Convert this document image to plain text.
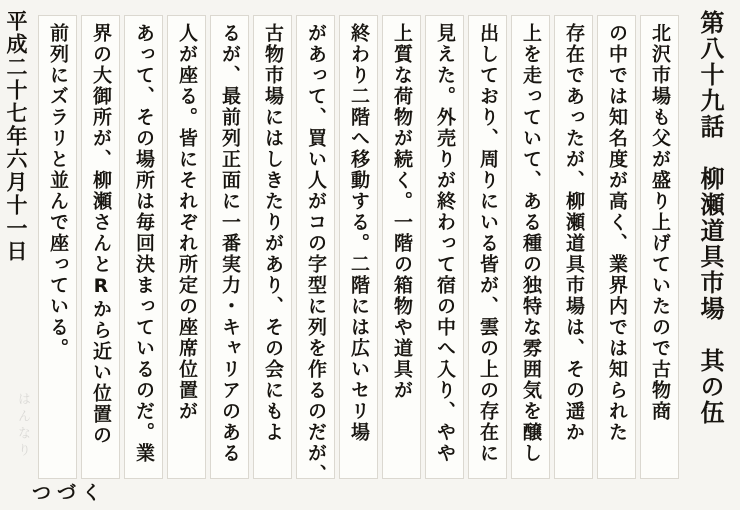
第八十九話　柳瀬道具市場　其の伍
北沢市場も父が盛り上げていたので古物商
の中では知名度が高く、業界内では知られた
存在であったが、柳瀬道具市場は、その遥か
上を走っていて、ある種の独特な雰囲気を醸し
出しており、周りにいる皆が、雲の上の存在に
見えた。外売りが終わって宿の中へ入り、やや
上質な荷物が続く。一階の箱物や道具が
終わり二階へ移動する。二階には広いセリ場
があって、買い人がコの字型に列を作るのだが、
古物市場にはしきたりがあり、その会にもよ
るが、最前列正面に一番実力・キャリアのある
人が座る。皆にそれぞれ所定の座席位置が
あって、その場所は毎回決まっているのだ。業
界の大御所が、柳瀬さんとRから近い位置の
前列にズラリと並んで座っている。
平成二十七年六月十一日
はんなり
つづく
